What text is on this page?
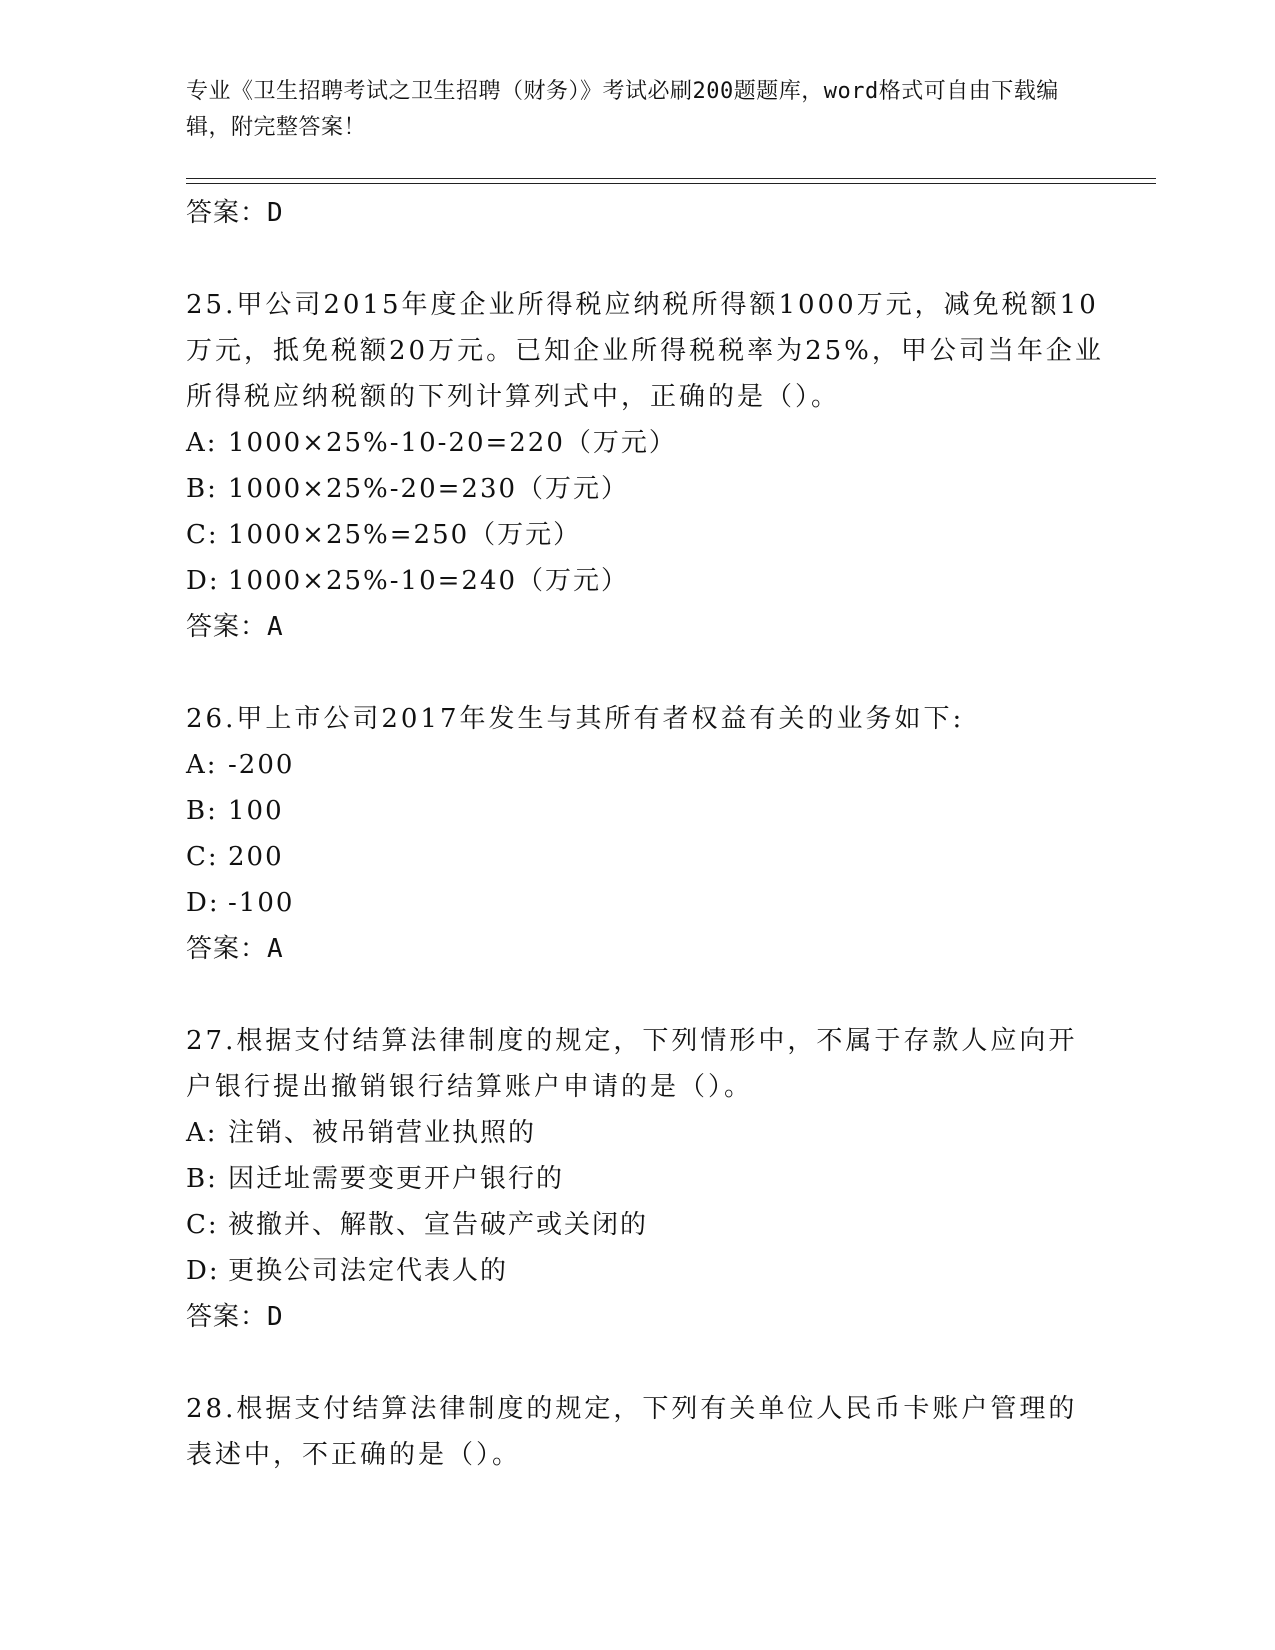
专业《卫生招聘考试之卫生招聘（财务）》考试必刷200题题库，word格式可自由下载编辑，附完整答案！
答案：D
25.甲公司2015年度企业所得税应纳税所得额1000万元，减免税额10万元，抵免税额20万元。已知企业所得税税率为25%，甲公司当年企业所得税应纳税额的下列计算列式中，正确的是（）。
A: 1000×25%-10-20=220（万元）
B: 1000×25%-20=230（万元）
C: 1000×25%=250（万元）
D: 1000×25%-10=240（万元）
答案：A
26.甲上市公司2017年发生与其所有者权益有关的业务如下:
A: -200
B: 100
C: 200
D: -100
答案：A
27.根据支付结算法律制度的规定，下列情形中，不属于存款人应向开户银行提出撤销银行结算账户申请的是（）。
A: 注销、被吊销营业执照的
B: 因迁址需要变更开户银行的
C: 被撤并、解散、宣告破产或关闭的
D: 更换公司法定代表人的
答案：D
28.根据支付结算法律制度的规定，下列有关单位人民币卡账户管理的表述中，不正确的是（）。
